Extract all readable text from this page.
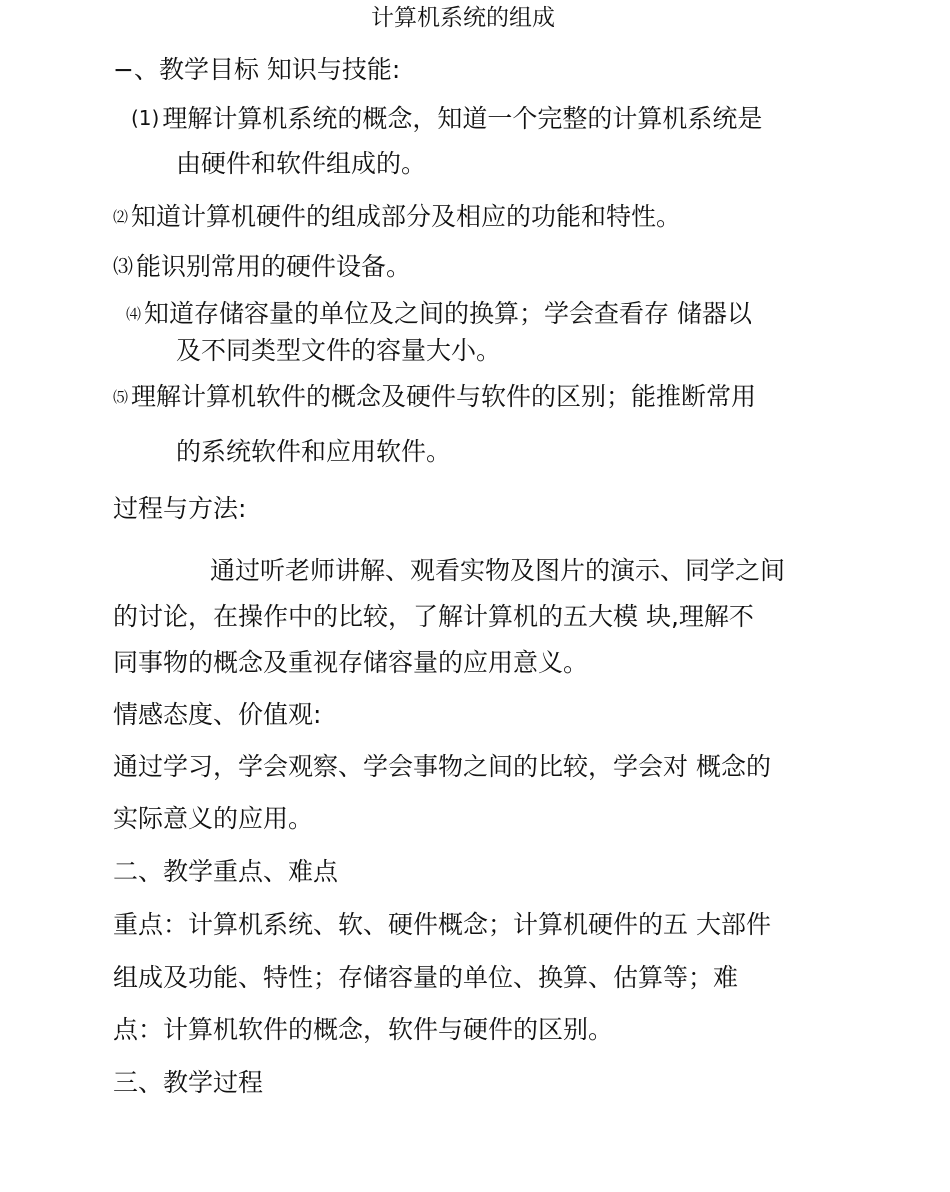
计算机系统的组成
−、教学目标 知识与技能:
(1) 理解计算机系统的概念，知道一个完整的计算机系统是
由硬件和软件组成的。
⑵ 知道计算机硬件的组成部分及相应的功能和特性。
⑶ 能识别常用的硬件设备。
⑷ 知道存储容量的单位及之间的换算；学会查看存 储器以
及不同类型文件的容量大小。
⑸ 理解计算机软件的概念及硬件与软件的区别；能推断常用
的系统软件和应用软件。
过程与方法:
通过听老师讲解、观看实物及图片的演示、同学之间
的讨论，在操作中的比较，了解计算机的五大模 块,理解不
同事物的概念及重视存储容量的应用意义。
情感态度、价值观:
通过学习，学会观察、学会事物之间的比较，学会对 概念的
实际意义的应用。
二、教学重点、难点
重点：计算机系统、软、硬件概念；计算机硬件的五 大部件
组成及功能、特性；存储容量的单位、换算、估算等；难
点：计算机软件的概念，软件与硬件的区别。
三、教学过程
